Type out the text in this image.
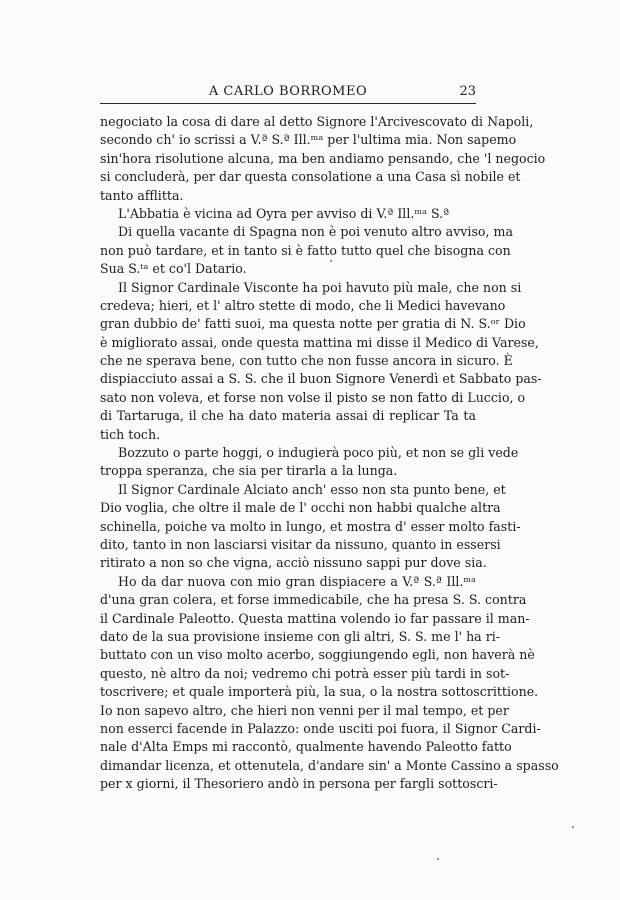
A CARLO BORROMEO	23
negociato la cosa di dare al detto Signore l'Arcivescovato di Napoli,
secondo ch' io scrissi a V.ª S.ª Ill.ᵐᵃ per l'ultima mia. Non sapemo
sin'hora risolutione alcuna, ma ben andiamo pensando, che 'l negocio
si concluderà, per dar questa consolatione a una Casa sì nobile et
tanto afflitta.
L'Abbatia è vicina ad Oyra per avviso di V.ª Ill.ᵐᵃ S.ª
Di quella vacante di Spagna non è poi venuto altro avviso, ma
non può tardare, et in tanto si è fatto tutto quel che bisogna con
Sua S.ᵗᵃ et co'l Datario.
Il Signor Cardinale Visconte ha poi havuto più male, che non si
credeva; hieri, et l' altro stette di modo, che li Medici havevano
gran dubbio de' fatti suoi, ma questa notte per gratia di N. S.ᵒʳ Dio
è migliorato assai, onde questa mattina mi disse il Medico di Varese,
che ne sperava bene, con tutto che non fusse ancora in sicuro. È
dispiacciuto assai a S. S. che il buon Signore Venerdì et Sabbato pas-
sato non voleva, et forse non volse il pisto se non fatto di Luccio, o
di Tartaruga, il che ha dato materia assai di replicar Ta ta
tich toch.
Bozzuto o parte hoggi, o indugierà poco più, et non se gli vede
troppa speranza, che sia per tirarla a la lunga.
Il Signor Cardinale Alciato anch' esso non sta punto bene, et
Dio voglia, che oltre il male de l' occhi non habbi qualche altra
schinella, poiche va molto in lungo, et mostra d' esser molto fasti-
dito, tanto in non lasciarsi visitar da nissuno, quanto in essersi
ritirato a non so che vigna, acciò nissuno sappi pur dove sia.
Ho da dar nuova con mio gran dispiacere a V.ª S.ª Ill.ᵐᵃ
d'una gran colera, et forse immedicabile, che ha presa S. S. contra
il Cardinale Paleotto. Questa mattina volendo io far passare il man-
dato de la sua provisione insieme con gli altri, S. S. me l' ha ri-
buttato con un viso molto acerbo, soggiungendo egli, non haverà nè
questo, nè altro da noi; vedremo chi potrà esser più tardi in sot-
toscrivere; et quale importerà più, la sua, o la nostra sottoscrittione.
Io non sapevo altro, che hieri non venni per il mal tempo, et per
non esserci facende in Palazzo: onde usciti poi fuora, il Signor Cardi-
nale d'Alta Emps mi raccontò, qualmente havendo Paleotto fatto
dimandar licenza, et ottenutela, d'andare sin' a Monte Cassino a spasso
per x giorni, il Thesoriero andò in persona per fargli sottoscri-
